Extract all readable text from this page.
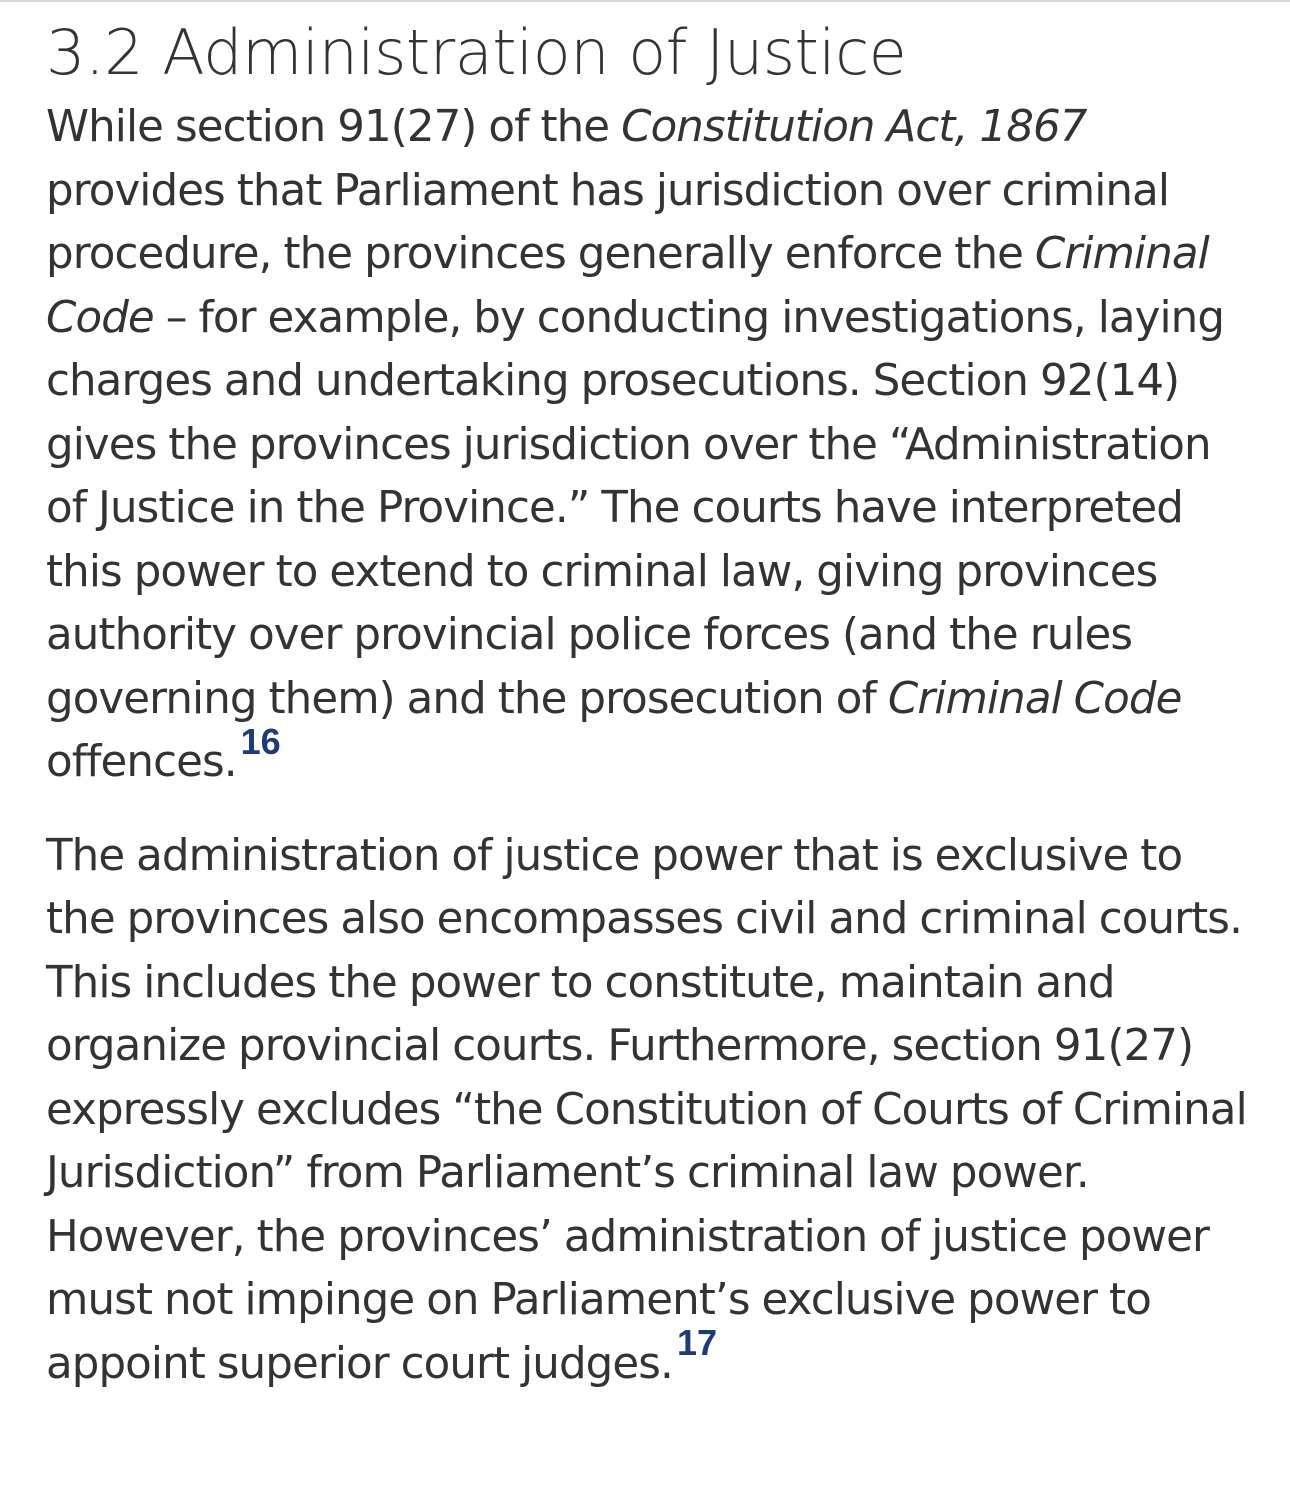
3.2 Administration of Justice

While section 91(27) of the Constitution Act, 1867 provides that Parliament has jurisdiction over criminal procedure, the provinces generally enforce the Criminal Code – for example, by conducting investigations, laying charges and undertaking prosecutions. Section 92(14) gives the provinces jurisdiction over the “Administration of Justice in the Province.” The courts have interpreted this power to extend to criminal law, giving provinces authority over provincial police forces (and the rules governing them) and the prosecution of Criminal Code offences. $^{16}$

The administration of justice power that is exclusive to the provinces also encompasses civil and criminal courts. This includes the power to constitute, maintain and organize provincial courts. Furthermore, section 91(27) expressly excludes “the Constitution of Courts of Criminal Jurisdiction” from Parliament’s criminal law power. However, the provinces’ administration of justice power must not impinge on Parliament’s exclusive power to appoint superior court judges. $^{17}$
